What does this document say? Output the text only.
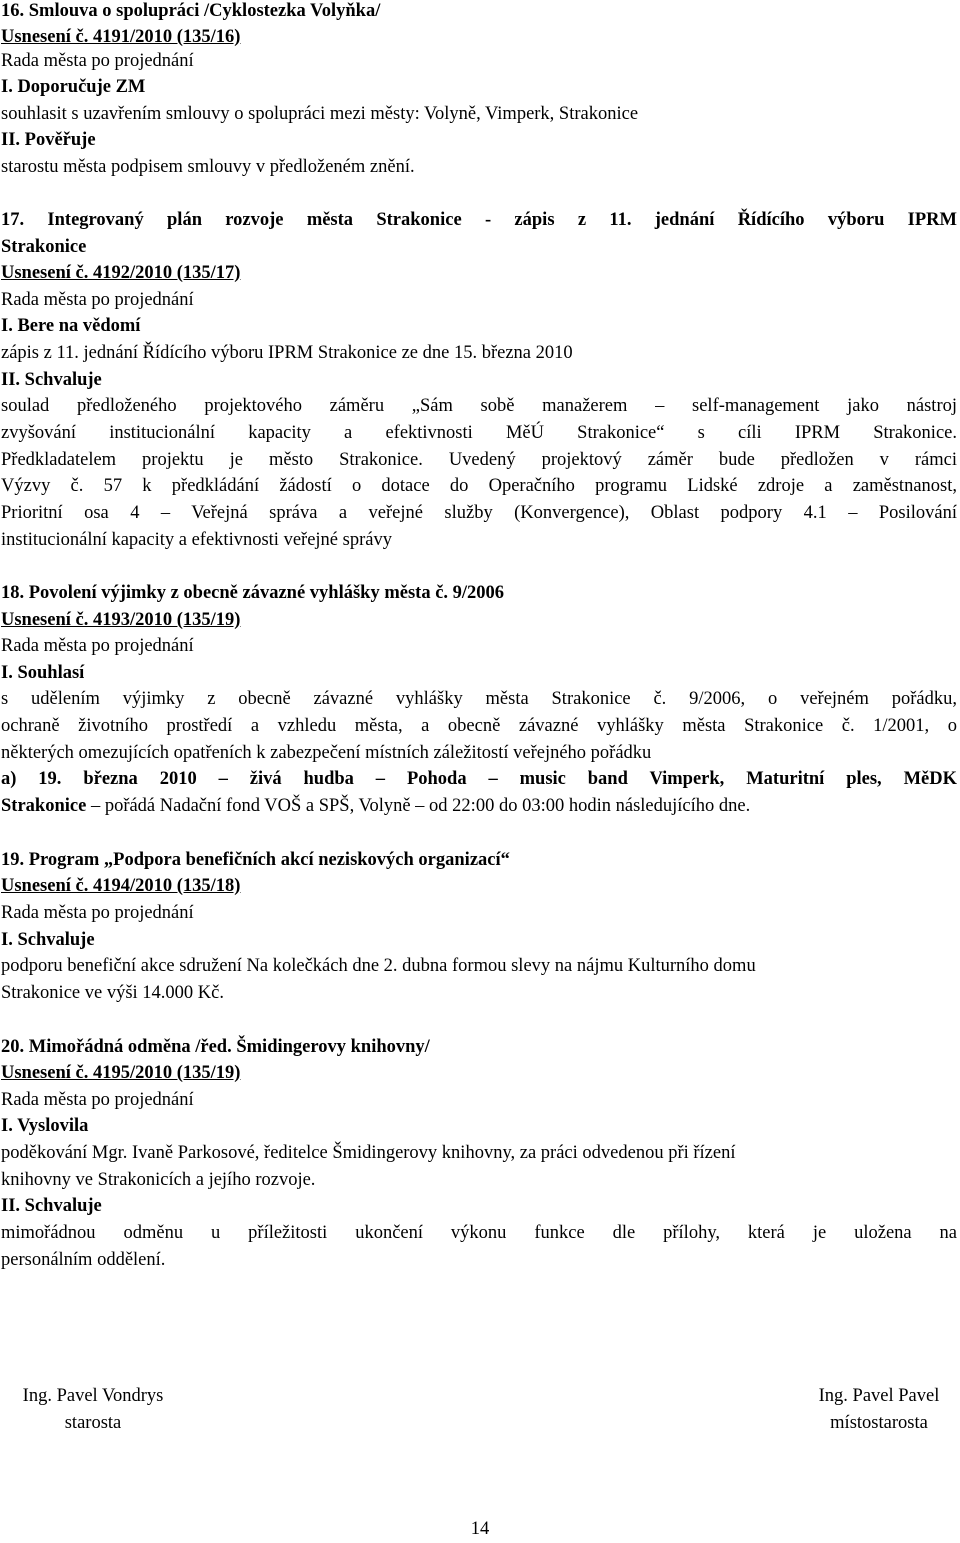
16. Smlouva o spolupráci /Cyklostezka Volyňka/
Usnesení č. 4191/2010 (135/16)
Rada města po projednání
I. Doporučuje ZM
souhlasit s uzavřením smlouvy o spolupráci mezi městy: Volyně, Vimperk, Strakonice
II. Pověřuje
starostu města podpisem smlouvy v předloženém znění.
17. Integrovaný plán rozvoje města Strakonice - zápis z 11. jednání Řídícího výboru IPRM
Strakonice
Usnesení č. 4192/2010 (135/17)
Rada města po projednání
I. Bere na vědomí
zápis z 11. jednání Řídícího výboru IPRM Strakonice ze dne 15. března 2010
II. Schvaluje
soulad předloženého projektového záměru „Sám sobě manažerem – self-management jako nástroj
zvyšování institucionální kapacity a efektivnosti MěÚ Strakonice“ s cíli IPRM Strakonice.
Předkladatelem projektu je město Strakonice. Uvedený projektový záměr bude předložen v rámci
Výzvy č. 57 k předkládání žádostí o dotace do Operačního programu Lidské zdroje a zaměstnanost,
Prioritní osa 4 – Veřejná správa a veřejné služby (Konvergence), Oblast podpory 4.1 – Posilování
institucionální kapacity a efektivnosti veřejné správy
18. Povolení výjimky z obecně závazné vyhlášky města č. 9/2006
Usnesení č. 4193/2010 (135/19)
Rada města po projednání
I. Souhlasí
s udělením výjimky z obecně závazné vyhlášky města Strakonice č. 9/2006, o veřejném pořádku,
ochraně životního prostředí a vzhledu města, a obecně závazné vyhlášky města Strakonice č. 1/2001, o
některých omezujících opatřeních k zabezpečení místních záležitostí veřejného pořádku
a) 19. března 2010 – živá hudba – Pohoda – music band Vimperk, Maturitní ples, MěDK
Strakonice – pořádá Nadační fond VOŠ a SPŠ, Volyně – od 22:00 do 03:00 hodin následujícího dne.
19. Program „Podpora benefičních akcí neziskových organizací“
Usnesení č. 4194/2010 (135/18)
Rada města po projednání
I. Schvaluje
podporu benefiční akce sdružení Na kolečkách dne 2. dubna formou slevy na nájmu Kulturního domu
Strakonice ve výši 14.000 Kč.
20. Mimořádná odměna /řed. Šmidingerovy knihovny/
Usnesení č. 4195/2010 (135/19)
Rada města po projednání
I. Vyslovila
poděkování Mgr. Ivaně Parkosové, ředitelce Šmidingerovy knihovny, za práci odvedenou při řízení
knihovny ve Strakonicích a jejího rozvoje.
II. Schvaluje
mimořádnou odměnu u příležitosti ukončení výkonu funkce dle přílohy, která je uložena na
personálním oddělení.
Ing. Pavel Vondrys
starosta
Ing. Pavel Pavel
místostarosta
14
